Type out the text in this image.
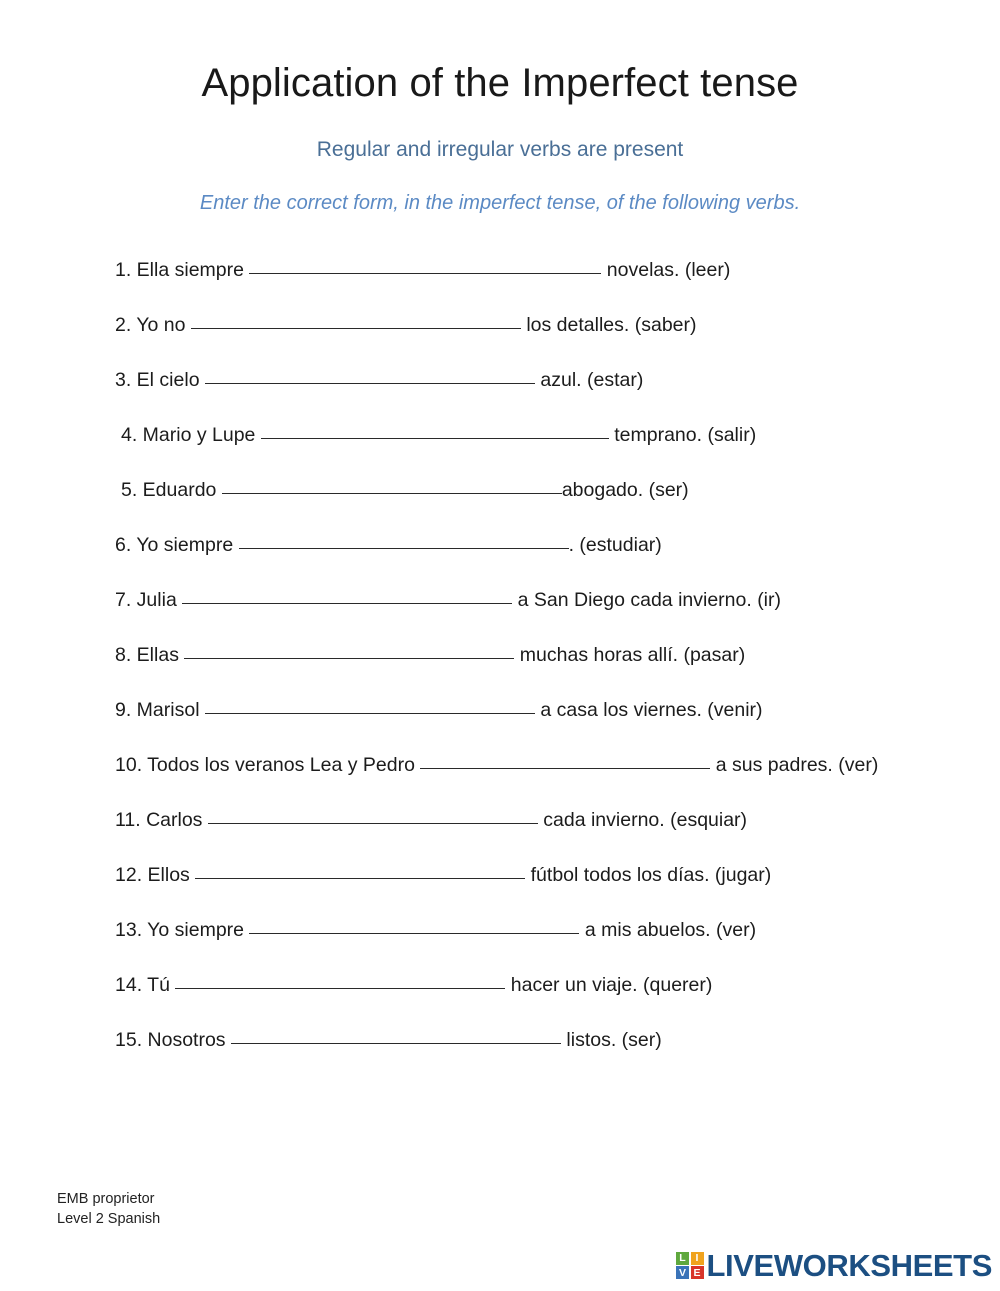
Application of the Imperfect tense
Regular and irregular verbs are present
Enter the correct form, in the imperfect tense, of the following verbs.
1. Ella siempre	novelas. (leer)
2. Yo no	los detalles. (saber)
3. El cielo	azul. (estar)
4. Mario y Lupe	temprano. (salir)
5. Eduardo	abogado. (ser)
6. Yo siempre	. (estudiar)
7. Julia	a San Diego cada invierno. (ir)
8. Ellas	muchas horas allí. (pasar)
9. Marisol	a casa los viernes. (venir)
10. Todos los veranos Lea y Pedro	a sus padres. (ver)
11. Carlos	cada invierno. (esquiar)
12. Ellos	fútbol todos los días. (jugar)
13. Yo siempre	a mis abuelos. (ver)
14. Tú	hacer un viaje. (querer)
15. Nosotros	listos. (ser)
EMB proprietor
Level 2 Spanish
L I
V E LIVEWORKSHEETS
